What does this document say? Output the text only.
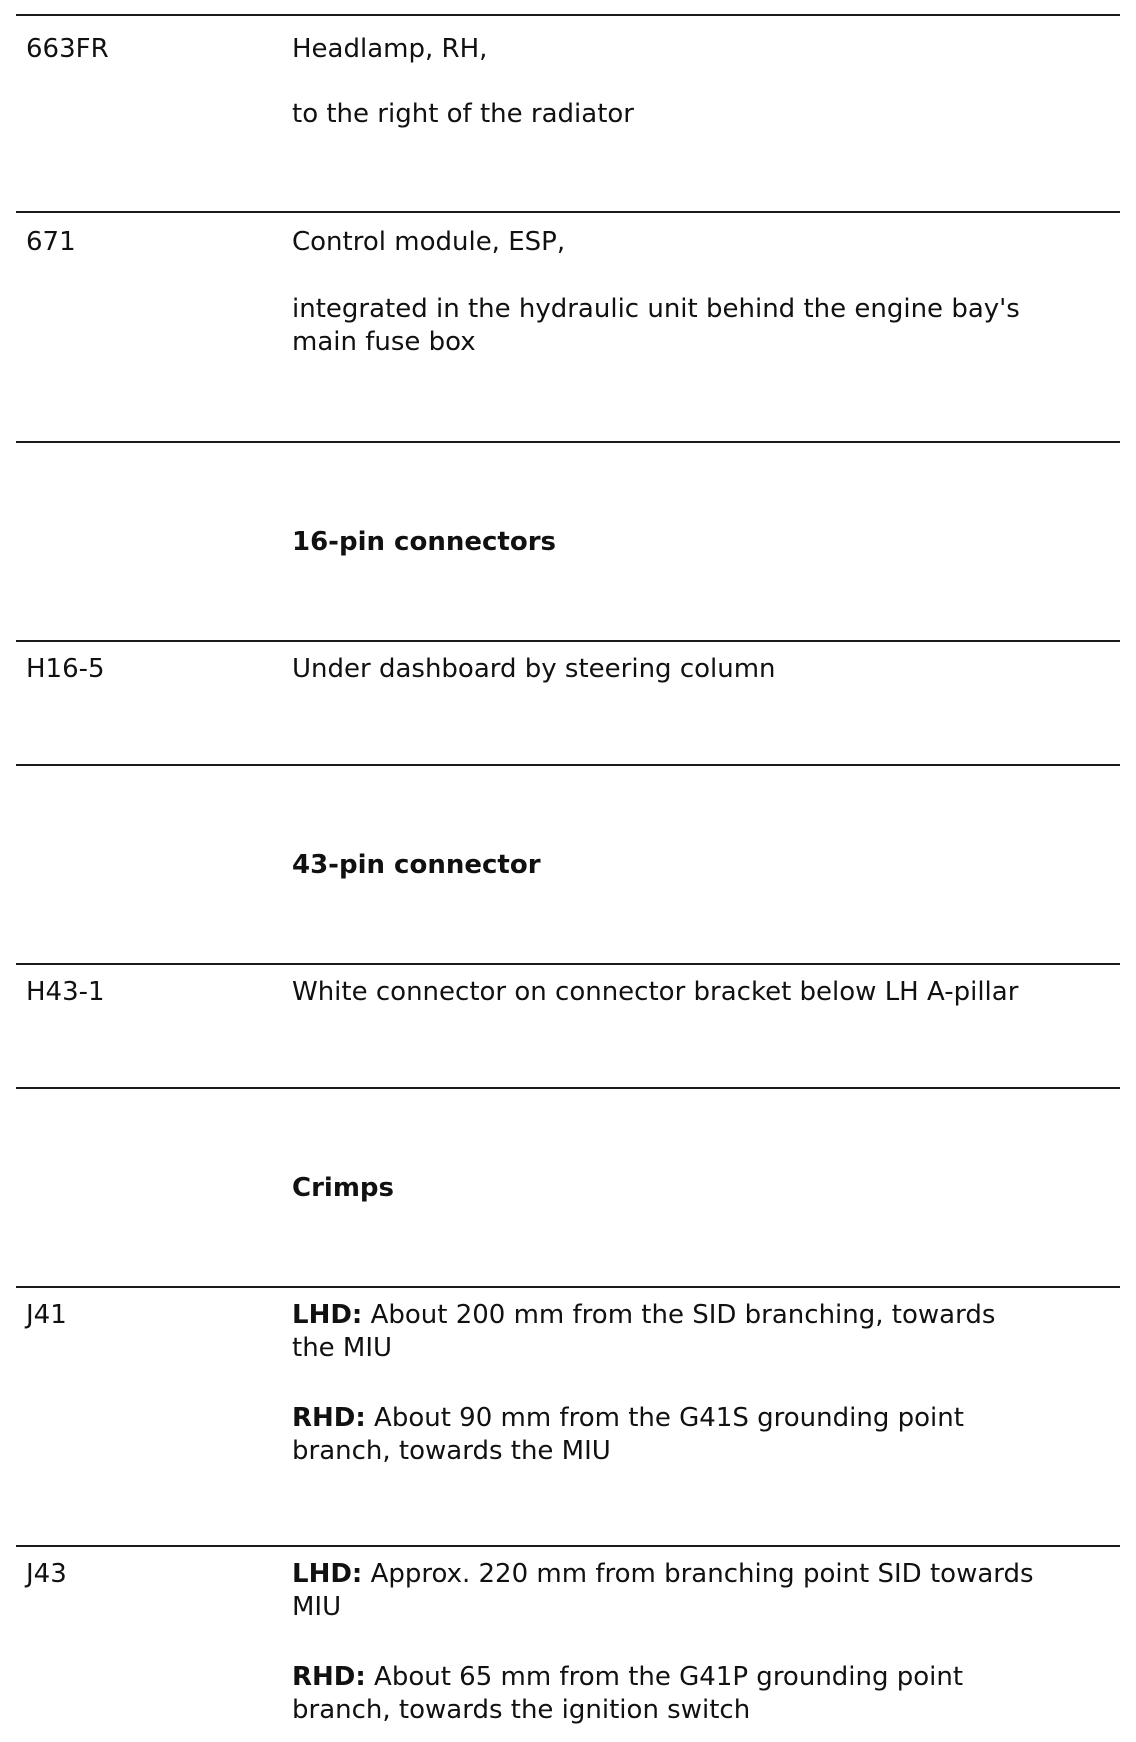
663FR	Headlamp, RH,
to the right of the radiator
671	Control module, ESP,
integrated in the hydraulic unit behind the engine bay's
main fuse box
16-pin connectors
H16-5	Under dashboard by steering column
43-pin connector
H43-1	White connector on connector bracket below LH A-pillar
Crimps
J41	LHD: About 200 mm from the SID branching, towards
the MIU
RHD: About 90 mm from the G41S grounding point
branch, towards the MIU
J43	LHD: Approx. 220 mm from branching point SID towards
MIU
RHD: About 65 mm from the G41P grounding point
branch, towards the ignition switch
